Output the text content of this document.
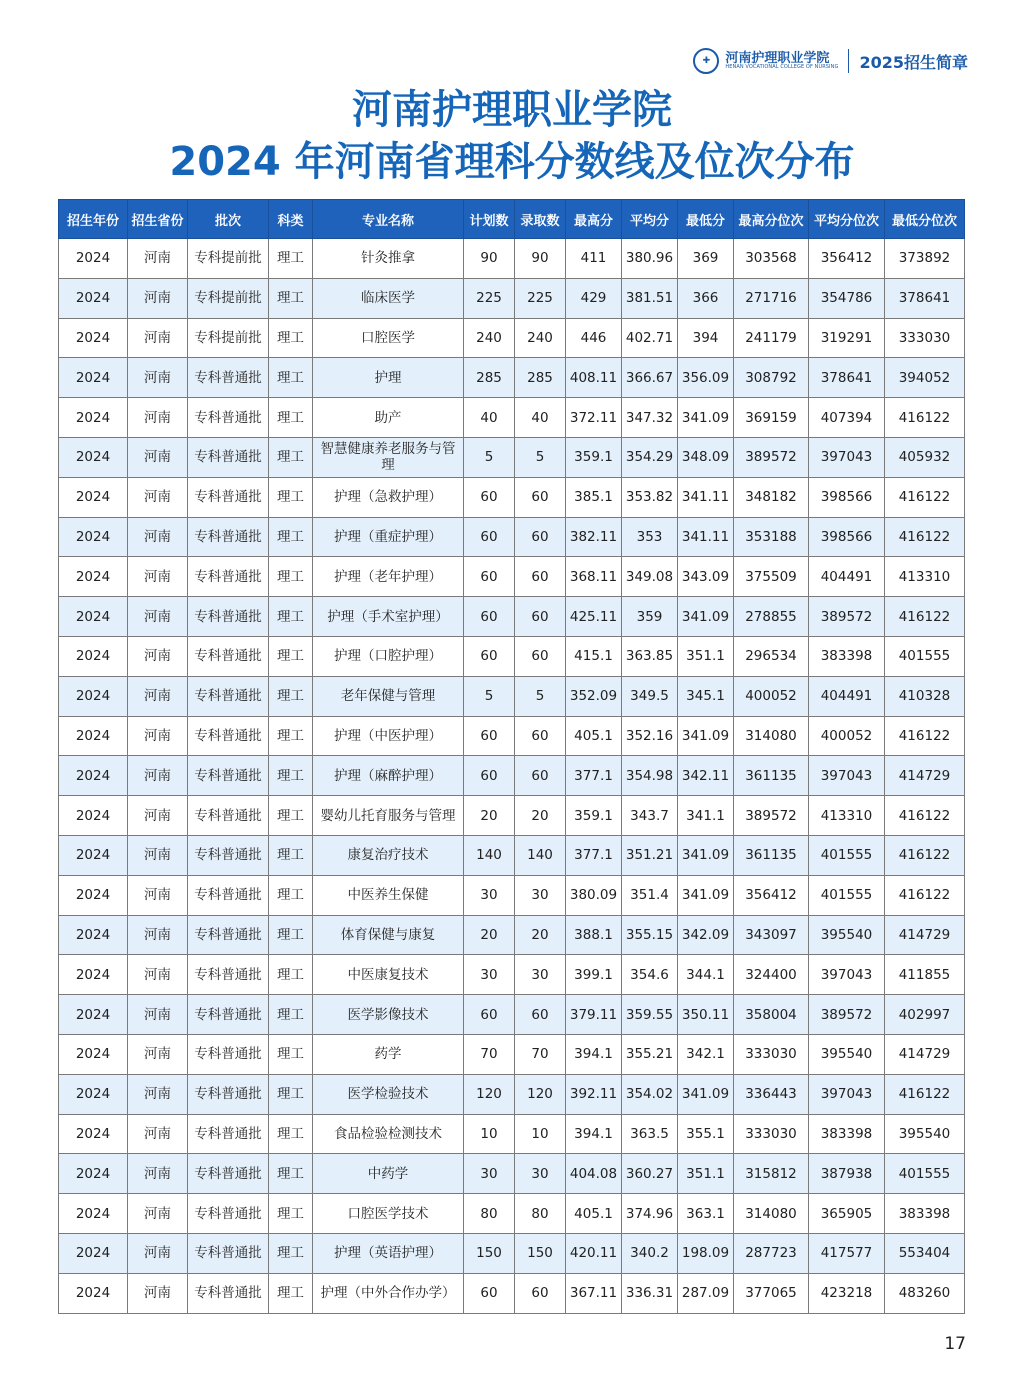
✚	河南护理职业学院
HENAN VOCATIONAL COLLEGE OF NURSING 2025招生简章
河南护理职业学院
2024 年河南省理科分数线及位次分布
招生年份	招生省份	批次	科类	专业名称	计划数	录取数	最高分	平均分	最低分	最高分位次	平均分位次	最低分位次
2024	河南	专科提前批	理工	针灸推拿	90	90	411	380.96	369	303568	356412	373892
2024	河南	专科提前批	理工	临床医学	225	225	429	381.51	366	271716	354786	378641
2024	河南	专科提前批	理工	口腔医学	240	240	446	402.71	394	241179	319291	333030
2024	河南	专科普通批	理工	护理	285	285	408.11	366.67	356.09	308792	378641	394052
2024	河南	专科普通批	理工	助产	40	40	372.11	347.32	341.09	369159	407394	416122
2024	河南	专科普通批	理工	智慧健康养老服务与管理	5	5	359.1	354.29	348.09	389572	397043	405932
2024	河南	专科普通批	理工	护理（急救护理）	60	60	385.1	353.82	341.11	348182	398566	416122
2024	河南	专科普通批	理工	护理（重症护理）	60	60	382.11	353	341.11	353188	398566	416122
2024	河南	专科普通批	理工	护理（老年护理）	60	60	368.11	349.08	343.09	375509	404491	413310
2024	河南	专科普通批	理工	护理（手术室护理）	60	60	425.11	359	341.09	278855	389572	416122
2024	河南	专科普通批	理工	护理（口腔护理）	60	60	415.1	363.85	351.1	296534	383398	401555
2024	河南	专科普通批	理工	老年保健与管理	5	5	352.09	349.5	345.1	400052	404491	410328
2024	河南	专科普通批	理工	护理（中医护理）	60	60	405.1	352.16	341.09	314080	400052	416122
2024	河南	专科普通批	理工	护理（麻醉护理）	60	60	377.1	354.98	342.11	361135	397043	414729
2024	河南	专科普通批	理工	婴幼儿托育服务与管理	20	20	359.1	343.7	341.1	389572	413310	416122
2024	河南	专科普通批	理工	康复治疗技术	140	140	377.1	351.21	341.09	361135	401555	416122
2024	河南	专科普通批	理工	中医养生保健	30	30	380.09	351.4	341.09	356412	401555	416122
2024	河南	专科普通批	理工	体育保健与康复	20	20	388.1	355.15	342.09	343097	395540	414729
2024	河南	专科普通批	理工	中医康复技术	30	30	399.1	354.6	344.1	324400	397043	411855
2024	河南	专科普通批	理工	医学影像技术	60	60	379.11	359.55	350.11	358004	389572	402997
2024	河南	专科普通批	理工	药学	70	70	394.1	355.21	342.1	333030	395540	414729
2024	河南	专科普通批	理工	医学检验技术	120	120	392.11	354.02	341.09	336443	397043	416122
2024	河南	专科普通批	理工	食品检验检测技术	10	10	394.1	363.5	355.1	333030	383398	395540
2024	河南	专科普通批	理工	中药学	30	30	404.08	360.27	351.1	315812	387938	401555
2024	河南	专科普通批	理工	口腔医学技术	80	80	405.1	374.96	363.1	314080	365905	383398
2024	河南	专科普通批	理工	护理（英语护理）	150	150	420.11	340.2	198.09	287723	417577	553404
2024	河南	专科普通批	理工	护理（中外合作办学）	60	60	367.11	336.31	287.09	377065	423218	483260
17
